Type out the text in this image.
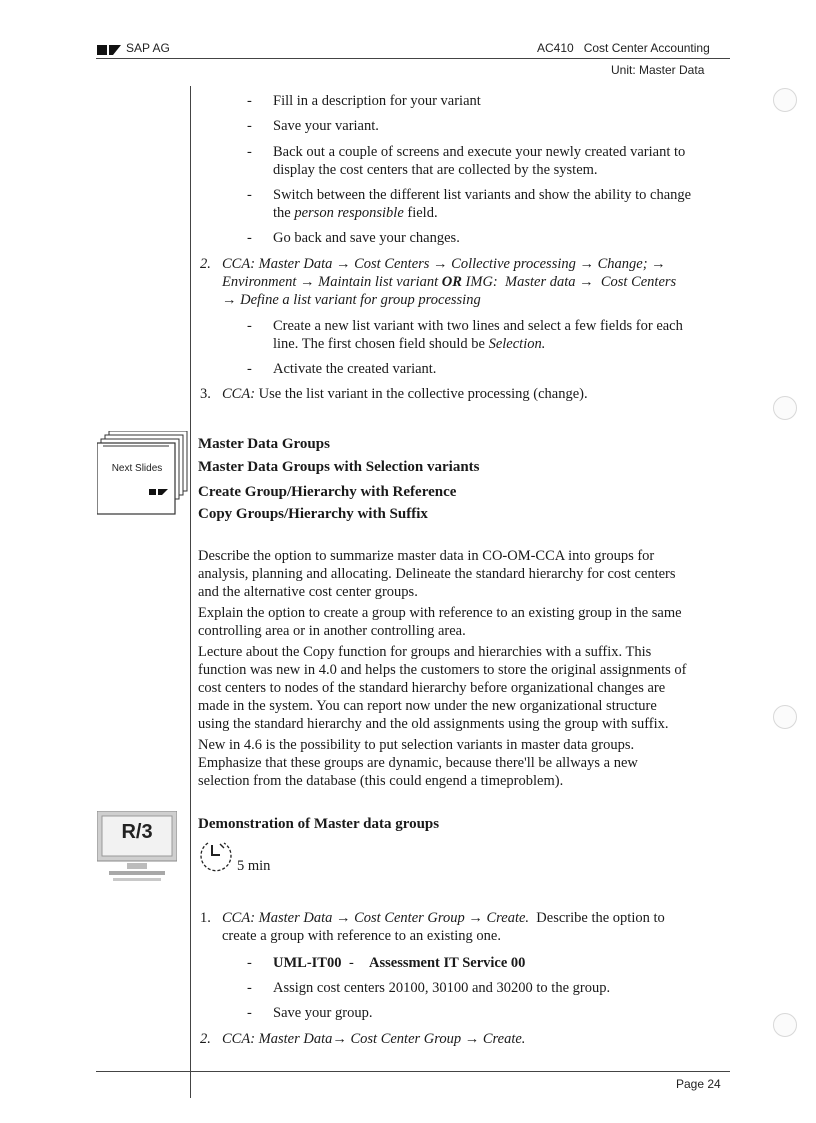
SAP AG	AC410   Cost Center Accounting
Unit: Master Data
- Fill in a description for your variant
- Save your variant.
- Back out a couple of screens and execute your newly created variant to
display the cost centers that are collected by the system.
- Switch between the different list variants and show the ability to change
the person responsible field.
- Go back and save your changes.
2. CCA: Master Data → Cost Centers → Collective processing → Change; →
Environment → Maintain list variant OR IMG:  Master data →  Cost Centers
→ Define a list variant for group processing
- Create a new list variant with two lines and select a few fields for each
line. The first chosen field should be Selection.
- Activate the created variant.
3. CCA: Use the list variant in the collective processing (change).
Next Slides
Master Data Groups
Master Data Groups with Selection variants
Create Group/Hierarchy with Reference
Copy Groups/Hierarchy with Suffix
Describe the option to summarize master data in CO-OM-CCA into groups for
analysis, planning and allocating. Delineate the standard hierarchy for cost centers
and the alternative cost center groups.
Explain the option to create a group with reference to an existing group in the same
controlling area or in another controlling area.
Lecture about the Copy function for groups and hierarchies with a suffix. This
function was new in 4.0 and helps the customers to store the original assignments of
cost centers to nodes of the standard hierarchy before organizational changes are
made in the system. You can report now under the new organizational structure
using the standard hierarchy and the old assignments using the group with suffix.
New in 4.6 is the possibility to put selection variants in master data groups.
Emphasize that these groups are dynamic, because there'll be allways a new
selection from the database (this could engend a timeproblem).
R/3	Demonstration of Master data groups
5 min
1. CCA: Master Data → Cost Center Group → Create.  Describe the option to
create a group with reference to an existing one.
- UML-IT00 - Assessment IT Service 00
- Assign cost centers 20100, 30100 and 30200 to the group.
- Save your group.
2. CCA: Master Data→ Cost Center Group → Create.
Page 24
